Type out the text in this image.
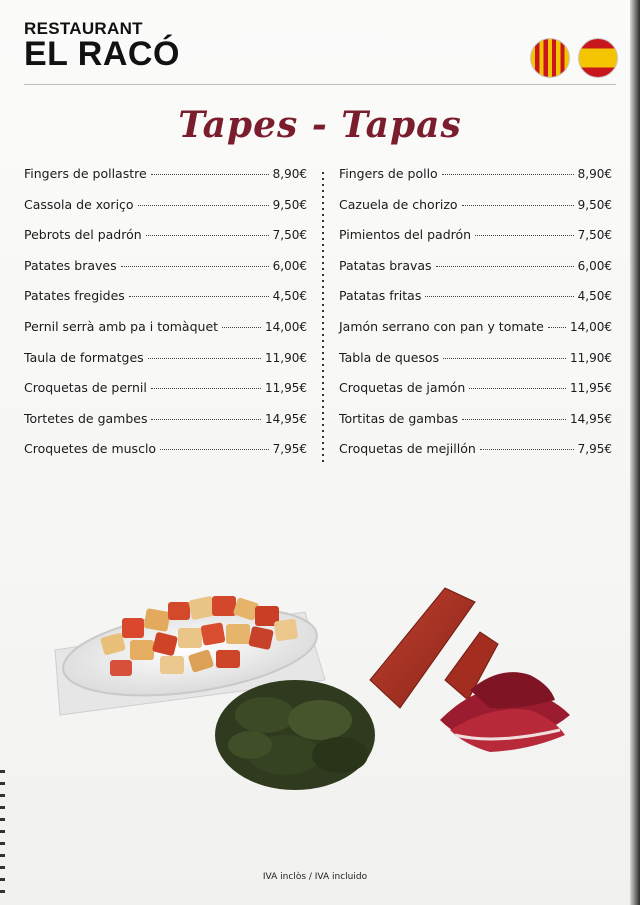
RESTAURANT
EL RACÓ
Tapes - Tapas
Fingers de pollastre	8,90€
Cassola de xoriço	9,50€
Pebrots del padrón	7,50€
Patates braves	6,00€
Patates fregides	4,50€
Pernil serrà amb pa i tomàquet	14,00€
Taula de formatges	11,90€
Croquetas de pernil	11,95€
Tortetes de gambes	14,95€
Croquetes de musclo	7,95€
Fingers de pollo	8,90€
Cazuela de chorizo	9,50€
Pimientos del padrón	7,50€
Patatas bravas	6,00€
Patatas fritas	4,50€
Jamón serrano con pan y tomate 14,00€
Tabla de quesos	11,90€
Croquetas de jamón	11,95€
Tortitas de gambas	14,95€
Croquetas de mejillón	7,95€
IVA inclòs / IVA incluido
